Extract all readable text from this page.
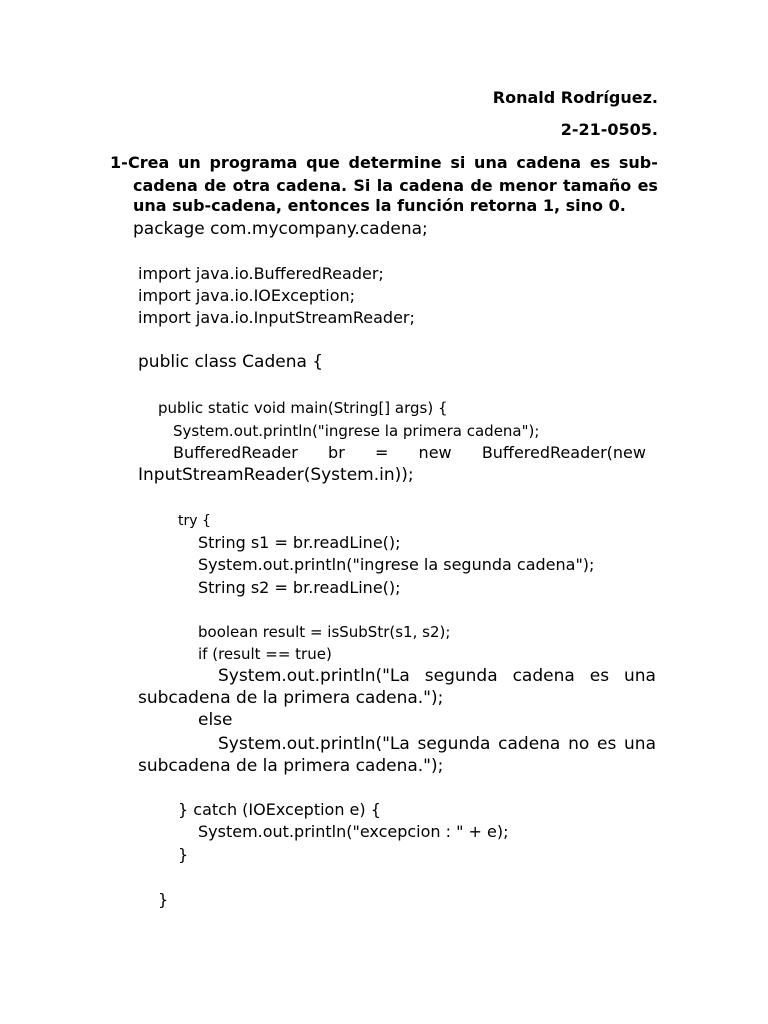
Ronald Rodríguez.
2-21-0505.
1- Crea un programa que determine si una cadena es sub-
cadena de otra cadena. Si la cadena de menor tamaño es
una sub-cadena, entonces la función retorna 1, sino 0.
package com.mycompany.cadena;
import java.io.BufferedReader;
import java.io.IOException;
import java.io.InputStreamReader;
public class Cadena {
public static void main(String[] args) {
System.out.println("ingrese la primera cadena");
BufferedReader br = new BufferedReader(new
InputStreamReader(System.in));
try {
String s1 = br.readLine();
System.out.println("ingrese la segunda cadena");
String s2 = br.readLine();
boolean result = isSubStr(s1, s2);
if (result == true)
System.out.println("La segunda cadena es una
subcadena de la primera cadena.");
else
System.out.println("La segunda cadena no es una
subcadena de la primera cadena.");
} catch (IOException e) {
System.out.println("excepcion : " + e);
}
}
